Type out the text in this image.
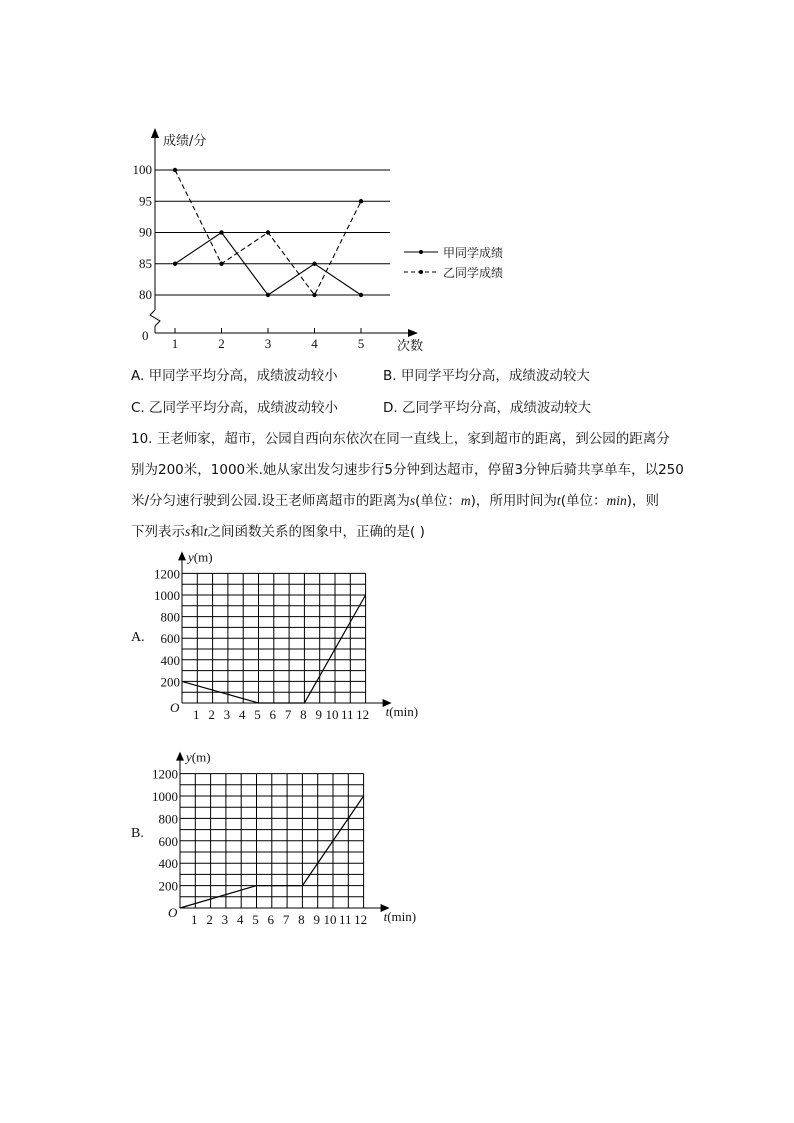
成绩/分
次数
0
80
85
90
95
100
1	2	3	4	5
甲同学成绩
乙同学成绩
A. 甲同学平均分高，成绩波动较小	B. 甲同学平均分高，成绩波动较大
C. 乙同学平均分高，成绩波动较小	D. 乙同学平均分高，成绩波动较大
10. 王老师家，超市，公园自西向东依次在同一直线上，家到超市的距离，到公园的距离分
别为200米，1000米.她从家出发匀速步行5分钟到达超市，停留3分钟后骑共享单车，以250
米/分匀速行驶到公园.设王老师离超市的距离为s(单位：m)，所用时间为t(单位：min)，则
下列表示s和t之间函数关系的图象中，正确的是( )
A.
200
400
600
800
1000
1200
1 2 3 4 5 6 7 8 9 10 11 12
O
y(m)
t(min)
B.
200
400
600
800
1000
1200
1 2 3 4 5 6 7 8 9 10 11 12
O
y(m)
t(min)
